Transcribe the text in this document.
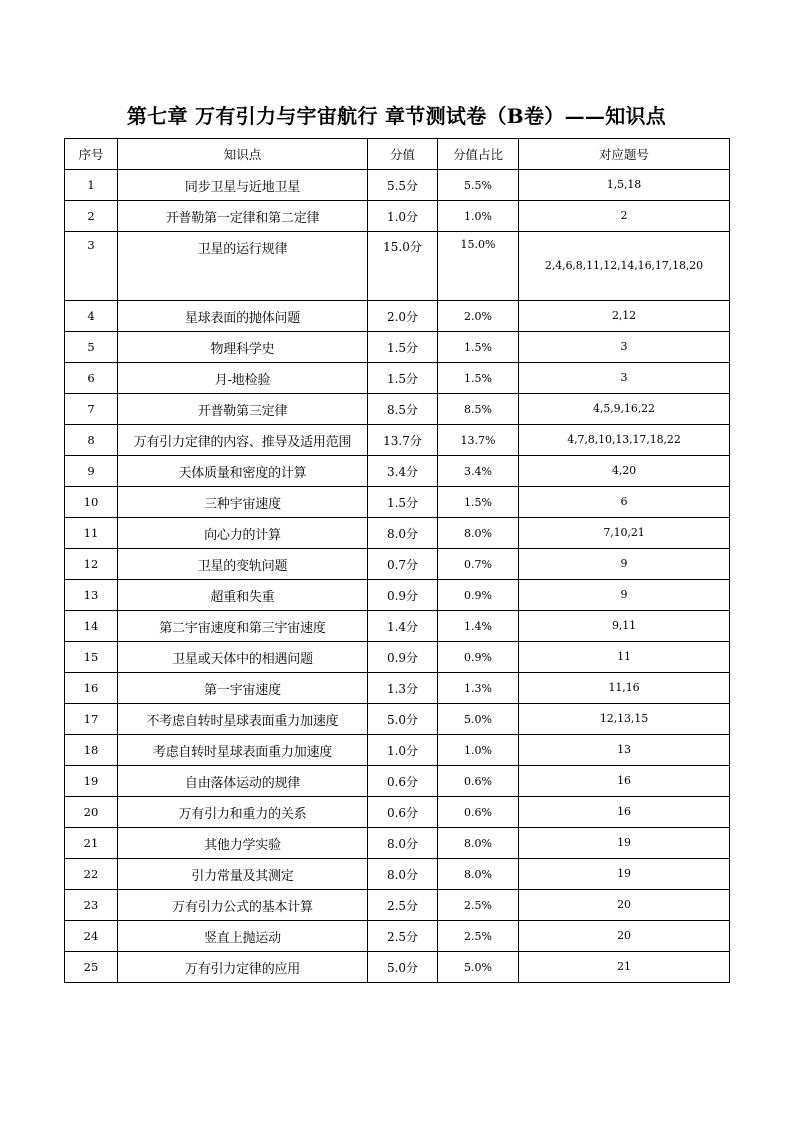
第七章 万有引力与宇宙航行 章节测试卷（B卷）——知识点
序号	知识点	分值	分值占比	对应题号
1	同步卫星与近地卫星	5.5分	5.5%	1,5,18
2	开普勒第一定律和第二定律	1.0分	1.0%	2
3	卫星的运行规律	15.0分	15.0%	2,4,6,8,11,12,14,16,17,18,20
4	星球表面的抛体问题	2.0分	2.0%	2,12
5	物理科学史	1.5分	1.5%	3
6	月-地检验	1.5分	1.5%	3
7	开普勒第三定律	8.5分	8.5%	4,5,9,16,22
8	万有引力定律的内容、推导及适用范围	13.7分	13.7%	4,7,8,10,13,17,18,22
9	天体质量和密度的计算	3.4分	3.4%	4,20
10	三种宇宙速度	1.5分	1.5%	6
11	向心力的计算	8.0分	8.0%	7,10,21
12	卫星的变轨问题	0.7分	0.7%	9
13	超重和失重	0.9分	0.9%	9
14	第二宇宙速度和第三宇宙速度	1.4分	1.4%	9,11
15	卫星或天体中的相遇问题	0.9分	0.9%	11
16	第一宇宙速度	1.3分	1.3%	11,16
17	不考虑自转时星球表面重力加速度	5.0分	5.0%	12,13,15
18	考虑自转时星球表面重力加速度	1.0分	1.0%	13
19	自由落体运动的规律	0.6分	0.6%	16
20	万有引力和重力的关系	0.6分	0.6%	16
21	其他力学实验	8.0分	8.0%	19
22	引力常量及其测定	8.0分	8.0%	19
23	万有引力公式的基本计算	2.5分	2.5%	20
24	竖直上抛运动	2.5分	2.5%	20
25	万有引力定律的应用	5.0分	5.0%	21
